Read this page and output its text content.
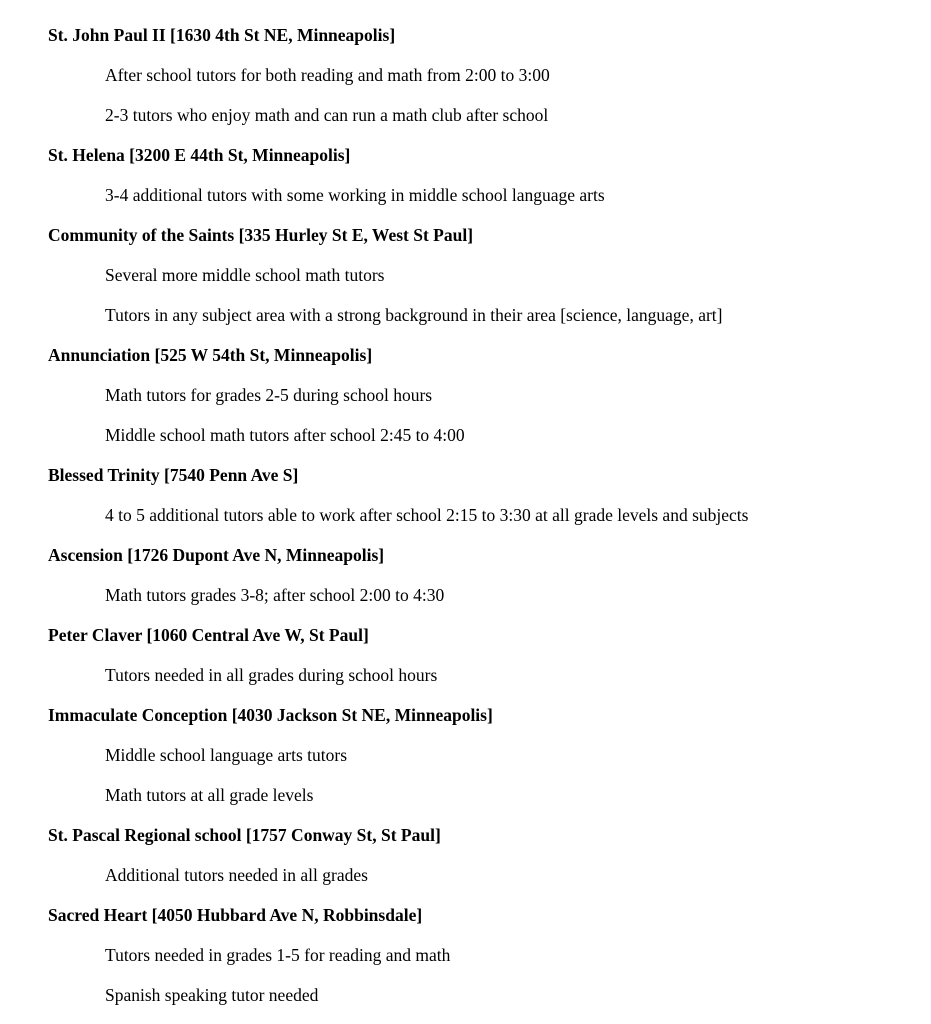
St. John Paul II [1630 4th St NE, Minneapolis]

After school tutors for both reading and math from 2:00 to 3:00

2-3 tutors who enjoy math and can run a math club after school

St. Helena [3200 E 44th St, Minneapolis]

3-4 additional tutors with some working in middle school language arts

Community of the Saints [335 Hurley St E, West St Paul]

Several more middle school math tutors

Tutors in any subject area with a strong background in their area [science, language, art]

Annunciation [525 W 54th St, Minneapolis]

Math tutors for grades 2-5 during school hours

Middle school math tutors after school 2:45 to 4:00

Blessed Trinity [7540 Penn Ave S]

4 to 5 additional tutors able to work after school 2:15 to 3:30 at all grade levels and subjects

Ascension [1726 Dupont Ave N, Minneapolis]

Math tutors grades 3-8; after school 2:00 to 4:30

Peter Claver [1060 Central Ave W, St Paul]

Tutors needed in all grades during school hours

Immaculate Conception [4030 Jackson St NE, Minneapolis]

Middle school language arts tutors

Math tutors at all grade levels

St. Pascal Regional school [1757 Conway St, St Paul]

Additional tutors needed in all grades

Sacred Heart [4050 Hubbard Ave N, Robbinsdale]

Tutors needed in grades 1-5 for reading and math

Spanish speaking tutor needed
